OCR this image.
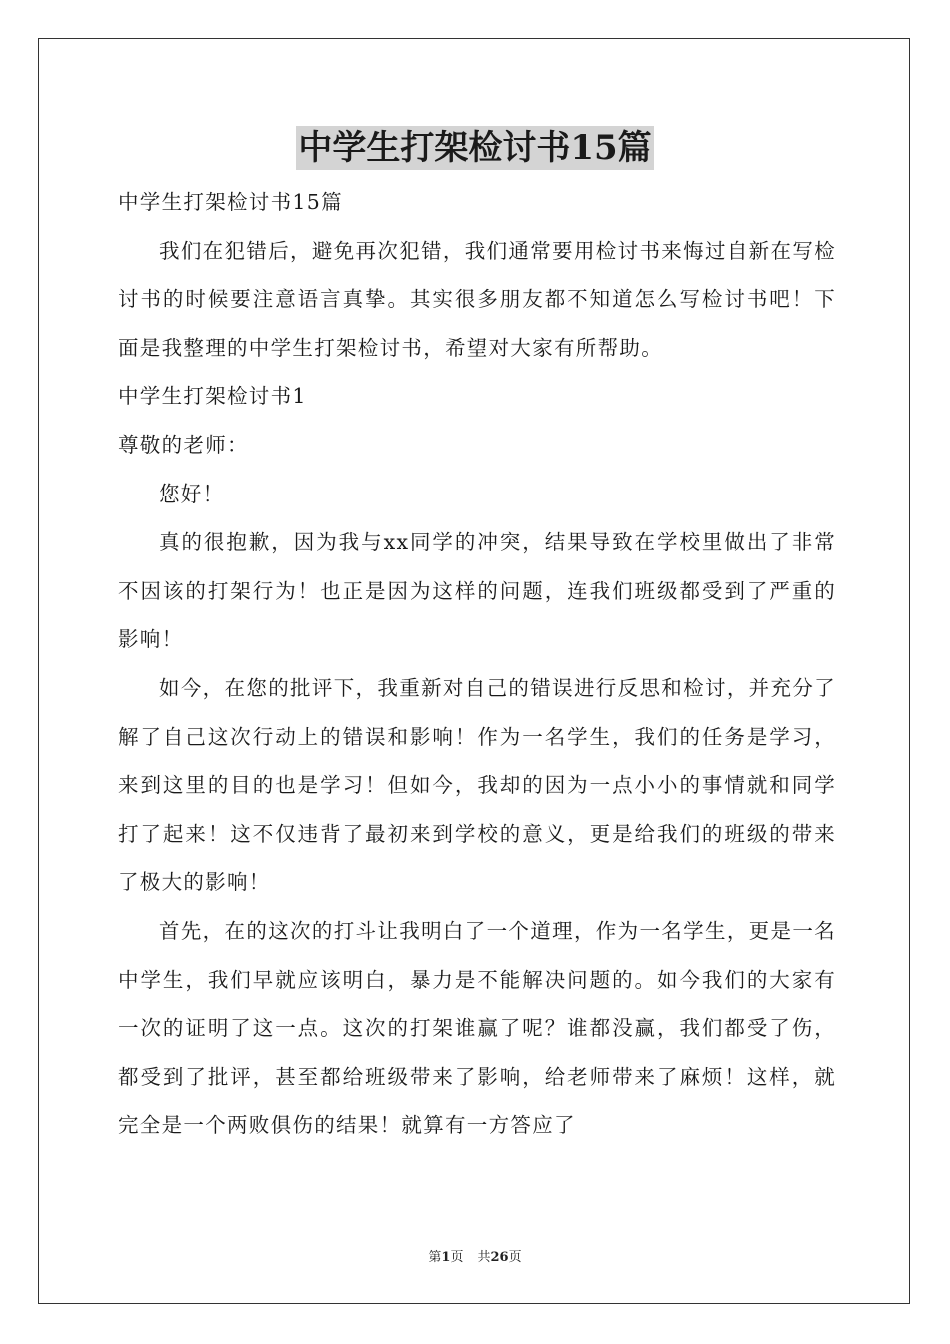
中学生打架检讨书15篇

中学生打架检讨书15篇

我们在犯错后，避免再次犯错，我们通常要用检讨书来悔过自新在写检讨书的时候要注意语言真挚。其实很多朋友都不知道怎么写检讨书吧！下面是我整理的中学生打架检讨书，希望对大家有所帮助。

中学生打架检讨书1

尊敬的老师：

您好！

真的很抱歉，因为我与xx同学的冲突，结果导致在学校里做出了非常不因该的打架行为！也正是因为这样的问题，连我们班级都受到了严重的影响！

如今，在您的批评下，我重新对自己的错误进行反思和检讨，并充分了解了自己这次行动上的错误和影响！作为一名学生，我们的任务是学习，来到这里的目的也是学习！但如今，我却的因为一点小小的事情就和同学打了起来！这不仅违背了最初来到学校的意义，更是给我们的班级的带来了极大的影响！

首先，在的这次的打斗让我明白了一个道理，作为一名学生，更是一名中学生，我们早就应该明白，暴力是不能解决问题的。如今我们的大家有一次的证明了这一点。这次的打架谁赢了呢？谁都没赢，我们都受了伤，都受到了批评，甚至都给班级带来了影响，给老师带来了麻烦！这样，就完全是一个两败俱伤的结果！就算有一方答应了

第1页 共26页
